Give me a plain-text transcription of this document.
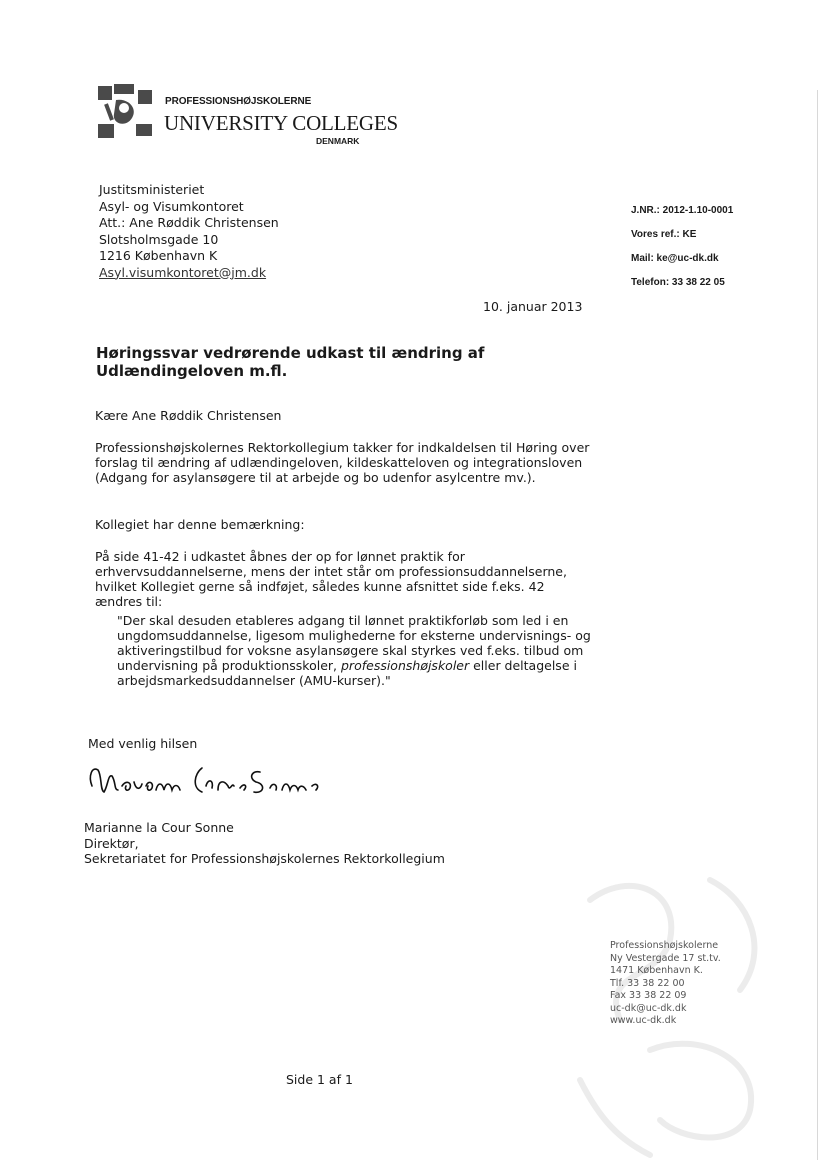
PROFESSIONSHØJSKOLERNE
UNIVERSITY COLLEGES
DENMARK
Justitsministeriet
Asyl- og Visumkontoret
Att.: Ane Røddik Christensen
Slotsholmsgade 10
1216 København K
Asyl.visumkontoret@jm.dk
J.NR.: 2012-1.10-0001
Vores ref.: KE
Mail: ke@uc-dk.dk
Telefon: 33 38 22 05
10. januar 2013
Høringssvar vedrørende udkast til ændring af Udlændingeloven m.fl.
Kære Ane Røddik Christensen
Professionshøjskolernes Rektorkollegium takker for indkaldelsen til Høring over forslag til ændring af udlændingeloven, kildeskatteloven og integrationsloven (Adgang for asylansøgere til at arbejde og bo udenfor asylcentre mv.).
Kollegiet har denne bemærkning:
På side 41-42 i udkastet åbnes der op for lønnet praktik for erhvervsuddannelserne, mens der intet står om professionsuddannelserne, hvilket Kollegiet gerne så indføjet, således kunne afsnittet side f.eks. 42 ændres til:
"Der skal desuden etableres adgang til lønnet praktikforløb som led i en ungdomsuddannelse, ligesom mulighederne for eksterne undervisnings- og aktiveringstilbud for voksne asylansøgere skal styrkes ved f.eks. tilbud om undervisning på produktionsskoler, professionshøjskoler eller deltagelse i arbejdsmarkedsuddannelser (AMU-kurser)."
Med venlig hilsen
Marianne la Cour Sonne
Direktør,
Sekretariatet for Professionshøjskolernes Rektorkollegium
Professionshøjskolerne
Ny Vestergade 17 st.tv.
1471 København K.
Tlf. 33 38 22 00
Fax 33 38 22 09
uc-dk@uc-dk.dk
www.uc-dk.dk
Side 1 af 1
